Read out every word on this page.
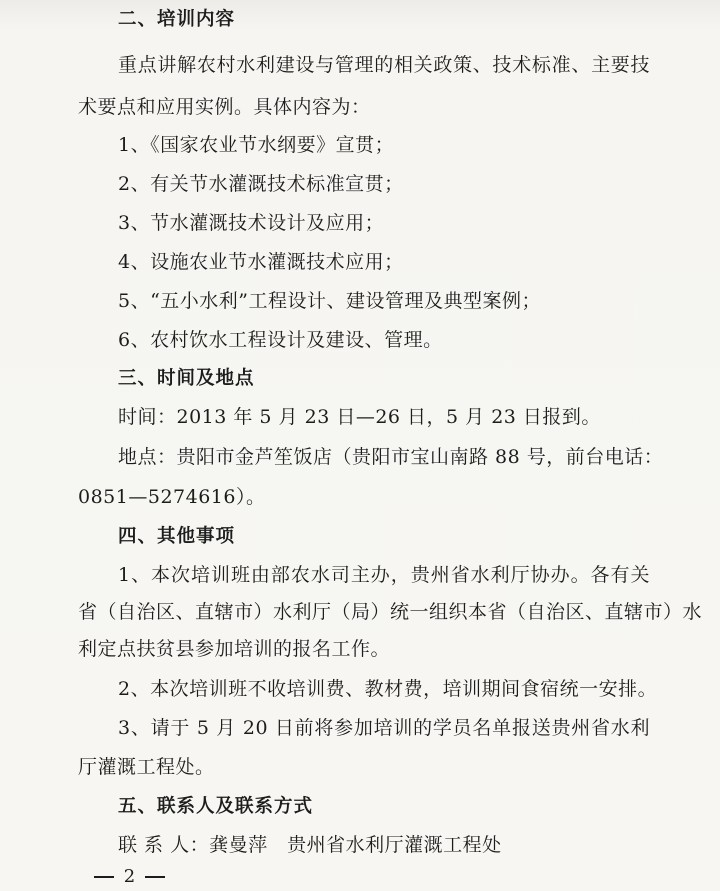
二、培训内容
重点讲解农村水利建设与管理的相关政策、技术标准、主要技
术要点和应用实例。具体内容为：
1、《国家农业节水纲要》宣贯；
2、有关节水灌溉技术标准宣贯；
3、节水灌溉技术设计及应用；
4、设施农业节水灌溉技术应用；
5、“五小水利”工程设计、建设管理及典型案例；
6、农村饮水工程设计及建设、管理。
三、时间及地点
时间：2013 年 5 月 23 日—26 日，5 月 23 日报到。
地点：贵阳市金芦笙饭店（贵阳市宝山南路 88 号，前台电话：
0851—5274616）。
四、其他事项
1、本次培训班由部农水司主办，贵州省水利厅协办。各有关
省（自治区、直辖市）水利厅（局）统一组织本省（自治区、直辖市）水
利定点扶贫县参加培训的报名工作。
2、本次培训班不收培训费、教材费，培训期间食宿统一安排。
3、请于 5 月 20 日前将参加培训的学员名单报送贵州省水利
厅灌溉工程处。
五、联系人及联系方式
联 系 人：龚曼萍　贵州省水利厅灌溉工程处
2
